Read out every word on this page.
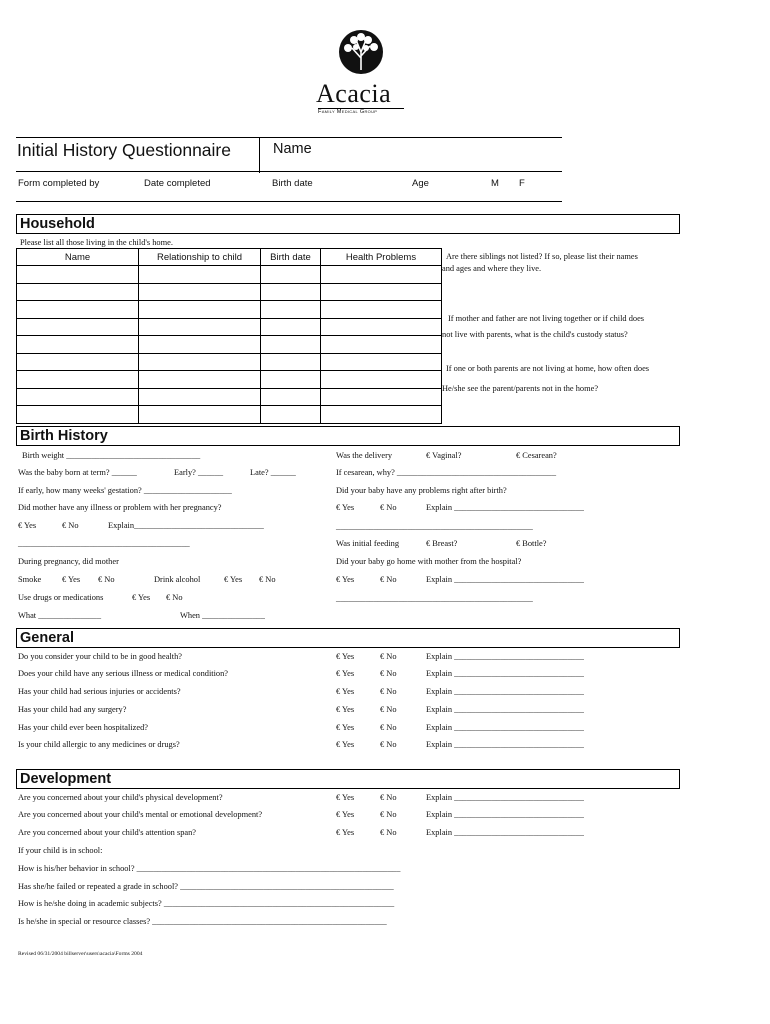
Acacia
Family Medical Group
Initial History Questionnaire	Name
Form completed by	Date completed	Birth date	Age	M F
Household
Please list all those living in the child's home.
Name	Relationship to child	Birth date	Health Problems

				Are there siblings not listed? If so, please list their names
and ages and where they live.
If mother and father are not living together or if child does
not live with parents, what is the child's custody status?
If one or both parents are not living at home, how often does
He/she see the parent/parents not in the home?
Birth History
Birth weight ________________________________	Was the delivery	€ Vaginal?	€ Cesarean?
Was the baby born at term? ______	Early? ______	Late? ______	If cesarean, why? ______________________________________
If early, how many weeks' gestation? _____________________	Did your baby have any problems right after birth?
Did mother have any illness or problem with her pregnancy?	€ Yes	€ No	Explain _______________________________
€ Yes	€ No	Explain_______________________________	_______________________________________________
_________________________________________	Was initial feeding	€ Breast?	€ Bottle?
During pregnancy, did mother	Did your baby go home with mother from the hospital?
Smoke € Yes € No	Drink alcohol	€ Yes € No	€ Yes	€ No	Explain _______________________________
Use drugs or medications	€ Yes € No	_______________________________________________
What _______________	When _______________
General
Do you consider your child to be in good health?	€ Yes	€ No	Explain _______________________________
Does your child have any serious illness or medical condition?	€ Yes	€ No	Explain _______________________________
Has your child had serious injuries or accidents?	€ Yes	€ No	Explain _______________________________
Has your child had any surgery?	€ Yes	€ No	Explain _______________________________
Has your child ever been hospitalized?	€ Yes	€ No	Explain _______________________________
Is your child allergic to any medicines or drugs?	€ Yes	€ No	Explain _______________________________
Development
Are you concerned about your child's physical development?	€ Yes	€ No	Explain _______________________________
Are you concerned about your child's mental or emotional development?	€ Yes	€ No	Explain _______________________________
Are you concerned about your child's attention span?	€ Yes	€ No	Explain _______________________________
If your child is in school:
How is his/her behavior in school? _______________________________________________________________
Has she/he failed or repeated a grade in school? ___________________________________________________
How is he/she doing in academic subjects? _______________________________________________________
Is he/she in special or resource classes? ________________________________________________________
Revised 06/31/2004 billserver\users\acacia\Forms 2004
